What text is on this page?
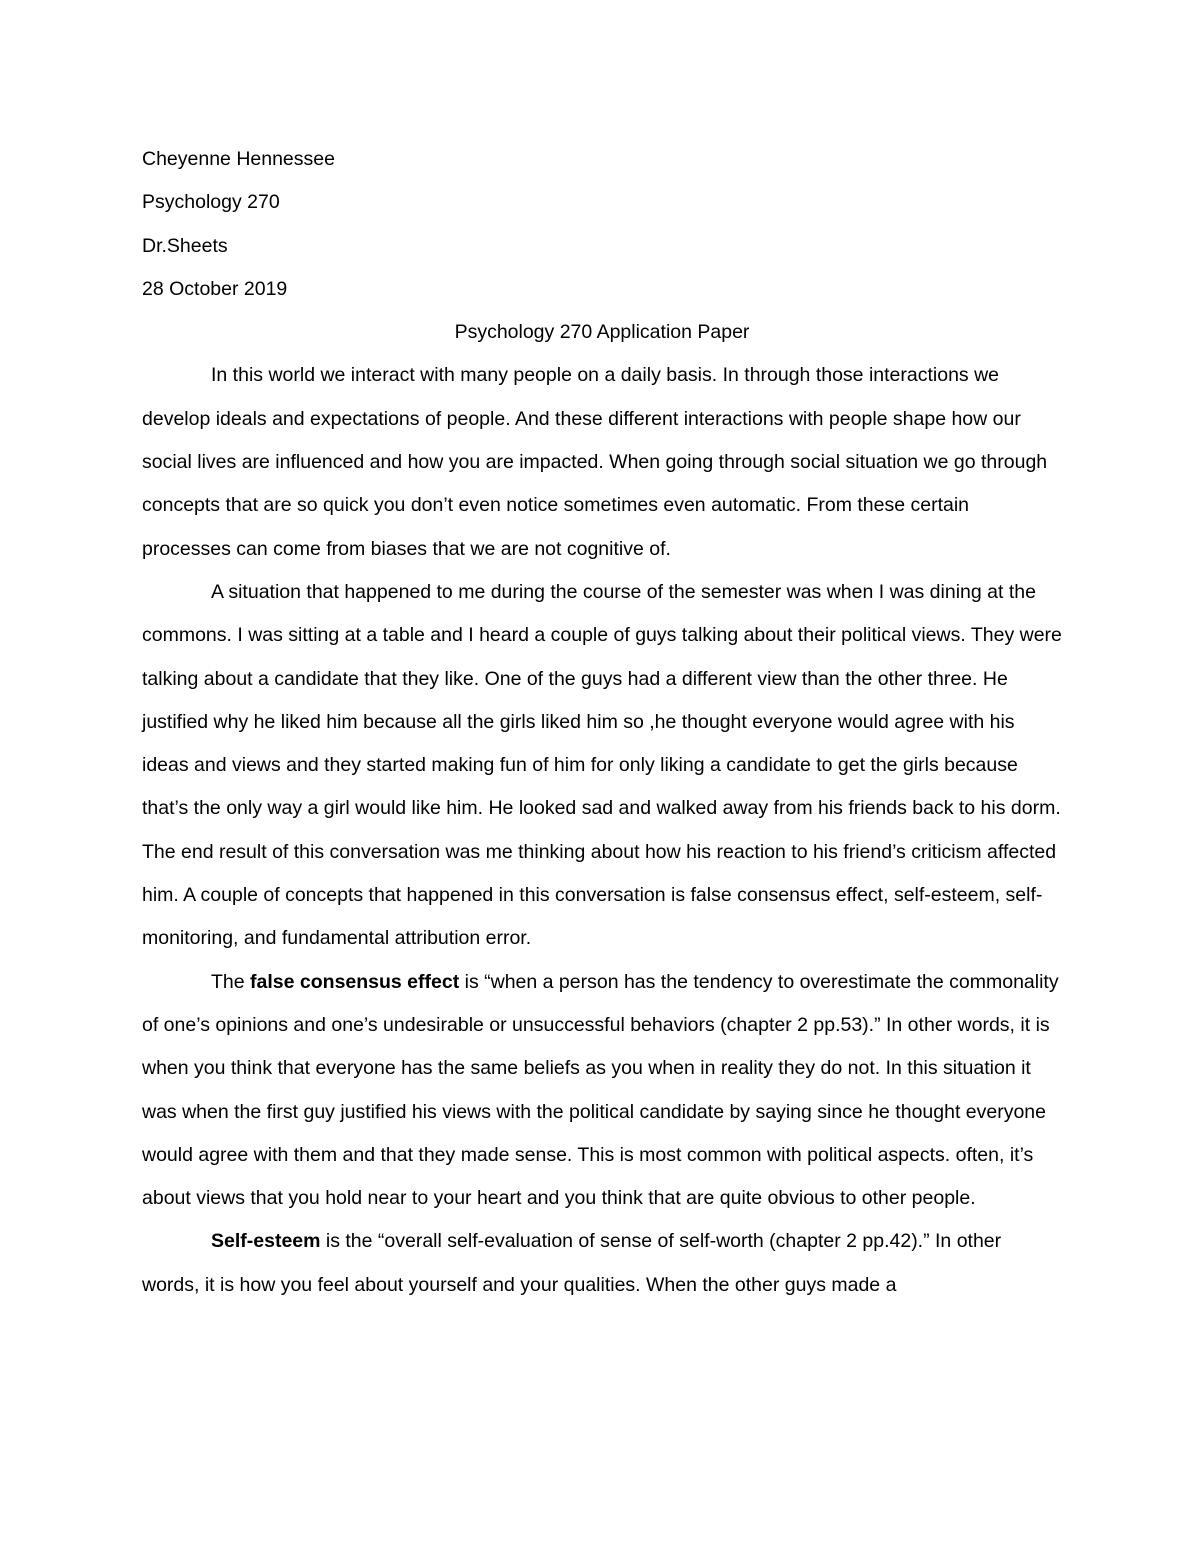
Cheyenne Hennessee
Psychology 270
Dr.Sheets
28 October 2019
Psychology 270 Application Paper

In this world we interact with many people on a daily basis. In through those interactions we develop ideals and expectations of people. And these different interactions with people shape how our social lives are influenced and how you are impacted. When going through social situation we go through concepts that are so quick you don’t even notice sometimes even automatic. From these certain processes can come from biases that we are not cognitive of.

A situation that happened to me during the course of the semester was when I was dining at the commons. I was sitting at a table and I heard a couple of guys talking about their political views. They were talking about a candidate that they like. One of the guys had a different view than the other three. He justified why he liked him because all the girls liked him so ,he thought everyone would agree with his ideas and views and they started making fun of him for only liking a candidate to get the girls because that’s the only way a girl would like him. He looked sad and walked away from his friends back to his dorm. The end result of this conversation was me thinking about how his reaction to his friend’s criticism affected him. A couple of concepts that happened in this conversation is false consensus effect, self-esteem, self-monitoring, and fundamental attribution error.

The false consensus effect is “when a person has the tendency to overestimate the commonality of one’s opinions and one’s undesirable or unsuccessful behaviors (chapter 2 pp.53).” In other words, it is when you think that everyone has the same beliefs as you when in reality they do not. In this situation it was when the first guy justified his views with the political candidate by saying since he thought everyone would agree with them and that they made sense. This is most common with political aspects. often, it’s about views that you hold near to your heart and you think that are quite obvious to other people.

Self-esteem is the “overall self-evaluation of sense of self-worth (chapter 2 pp.42).” In other words, it is how you feel about yourself and your qualities. When the other guys made a
